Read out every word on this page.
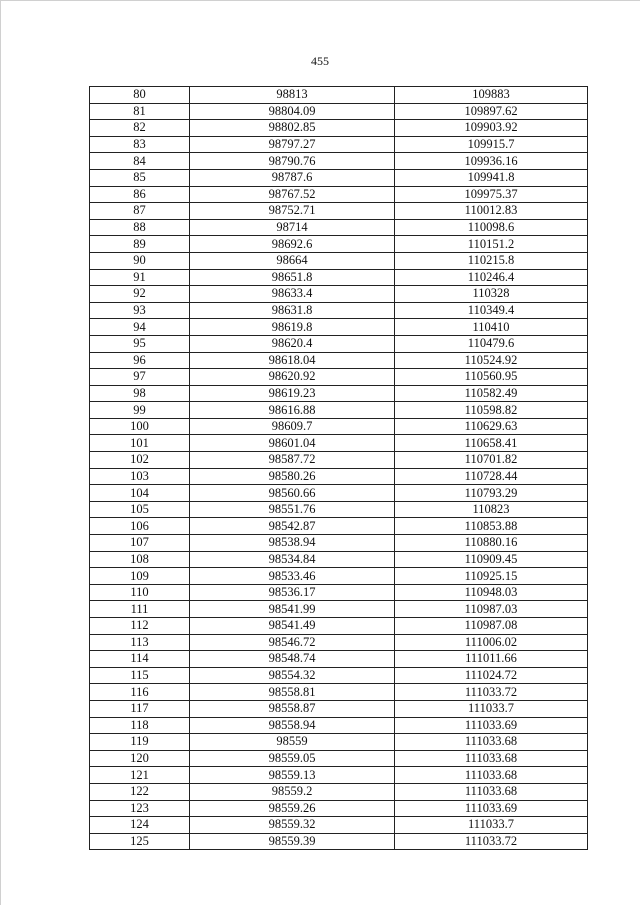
455
80	98813	109883
81	98804.09	109897.62
82	98802.85	109903.92
83	98797.27	109915.7
84	98790.76	109936.16
85	98787.6	109941.8
86	98767.52	109975.37
87	98752.71	110012.83
88	98714	110098.6
89	98692.6	110151.2
90	98664	110215.8
91	98651.8	110246.4
92	98633.4	110328
93	98631.8	110349.4
94	98619.8	110410
95	98620.4	110479.6
96	98618.04	110524.92
97	98620.92	110560.95
98	98619.23	110582.49
99	98616.88	110598.82
100	98609.7	110629.63
101	98601.04	110658.41
102	98587.72	110701.82
103	98580.26	110728.44
104	98560.66	110793.29
105	98551.76	110823
106	98542.87	110853.88
107	98538.94	110880.16
108	98534.84	110909.45
109	98533.46	110925.15
110	98536.17	110948.03
111	98541.99	110987.03
112	98541.49	110987.08
113	98546.72	111006.02
114	98548.74	111011.66
115	98554.32	111024.72
116	98558.81	111033.72
117	98558.87	111033.7
118	98558.94	111033.69
119	98559	111033.68
120	98559.05	111033.68
121	98559.13	111033.68
122	98559.2	111033.68
123	98559.26	111033.69
124	98559.32	111033.7
125	98559.39	111033.72
